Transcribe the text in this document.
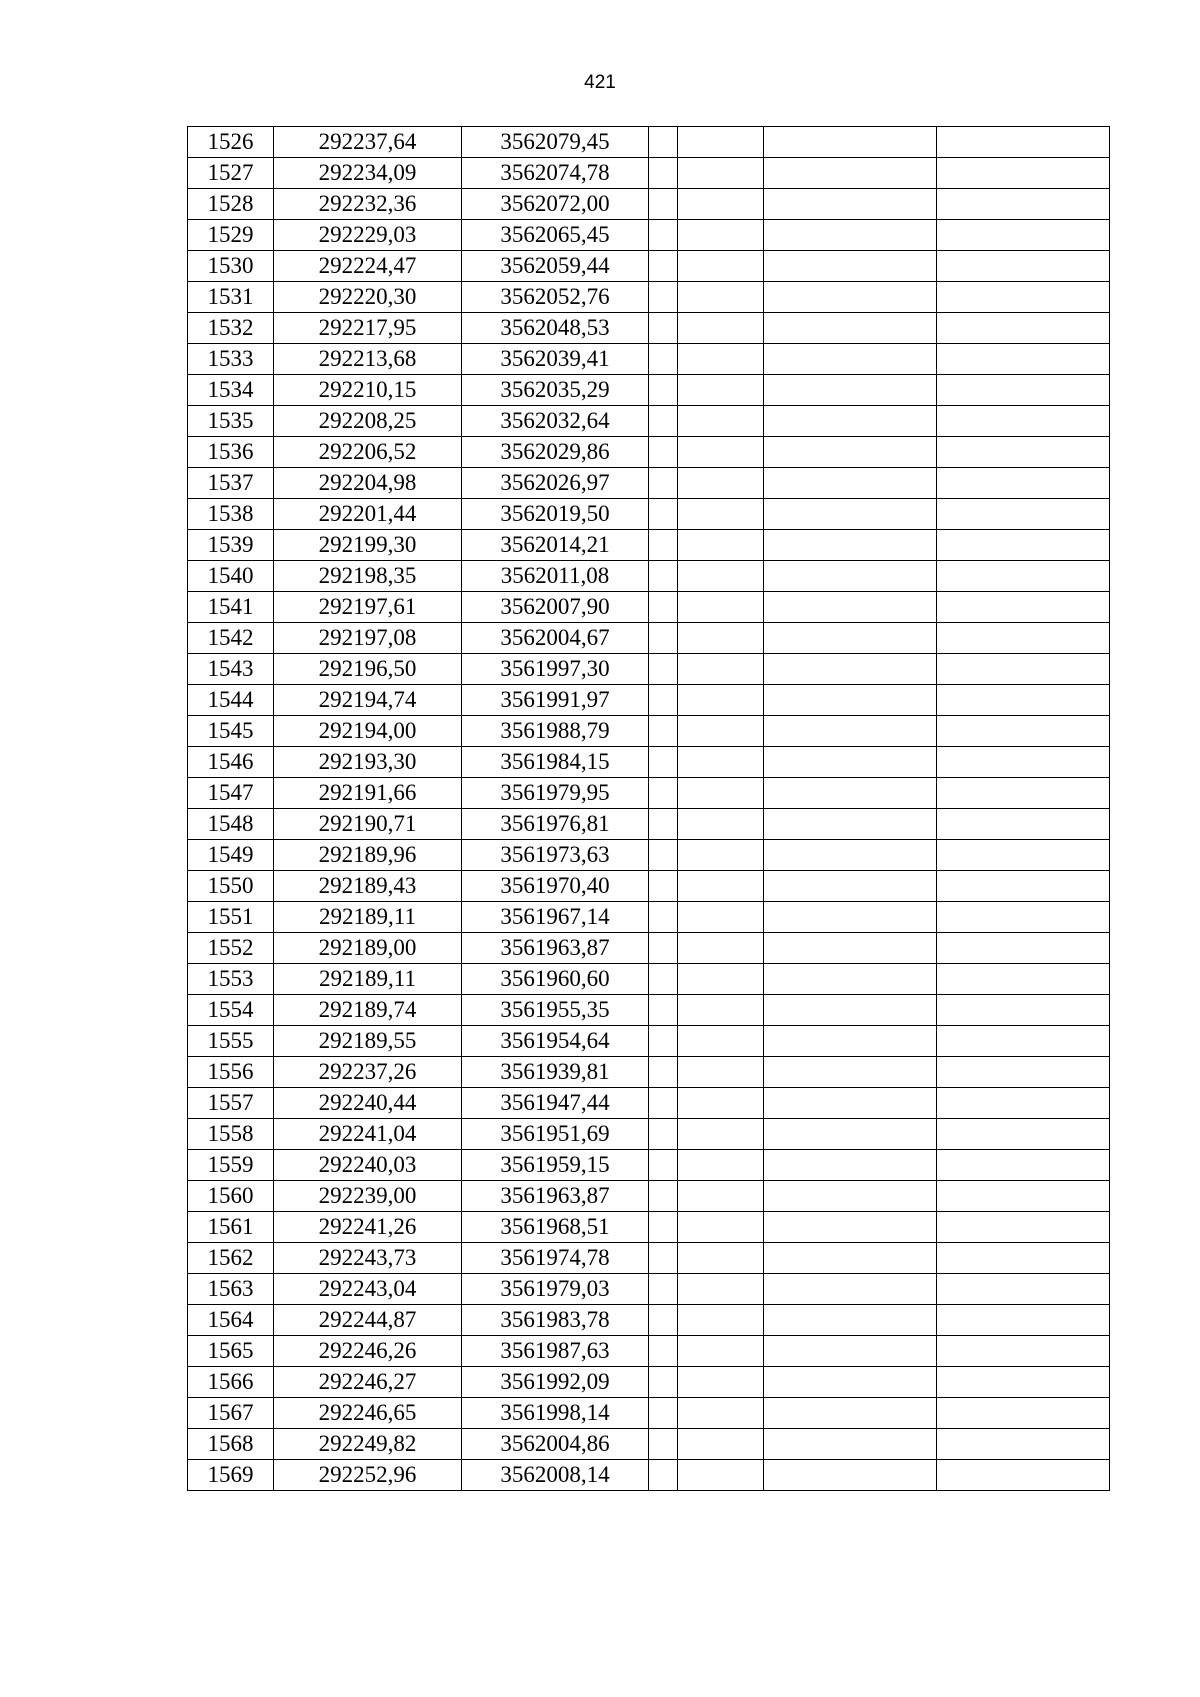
421
1526	292237,64	3562079,45				
1527	292234,09	3562074,78				
1528	292232,36	3562072,00				
1529	292229,03	3562065,45				
1530	292224,47	3562059,44				
1531	292220,30	3562052,76				
1532	292217,95	3562048,53				
1533	292213,68	3562039,41				
1534	292210,15	3562035,29				
1535	292208,25	3562032,64				
1536	292206,52	3562029,86				
1537	292204,98	3562026,97				
1538	292201,44	3562019,50				
1539	292199,30	3562014,21				
1540	292198,35	3562011,08				
1541	292197,61	3562007,90				
1542	292197,08	3562004,67				
1543	292196,50	3561997,30				
1544	292194,74	3561991,97				
1545	292194,00	3561988,79				
1546	292193,30	3561984,15				
1547	292191,66	3561979,95				
1548	292190,71	3561976,81				
1549	292189,96	3561973,63				
1550	292189,43	3561970,40				
1551	292189,11	3561967,14				
1552	292189,00	3561963,87				
1553	292189,11	3561960,60				
1554	292189,74	3561955,35				
1555	292189,55	3561954,64				
1556	292237,26	3561939,81				
1557	292240,44	3561947,44				
1558	292241,04	3561951,69				
1559	292240,03	3561959,15				
1560	292239,00	3561963,87				
1561	292241,26	3561968,51				
1562	292243,73	3561974,78				
1563	292243,04	3561979,03				
1564	292244,87	3561983,78				
1565	292246,26	3561987,63				
1566	292246,27	3561992,09				
1567	292246,65	3561998,14				
1568	292249,82	3562004,86				
1569	292252,96	3562008,14				
